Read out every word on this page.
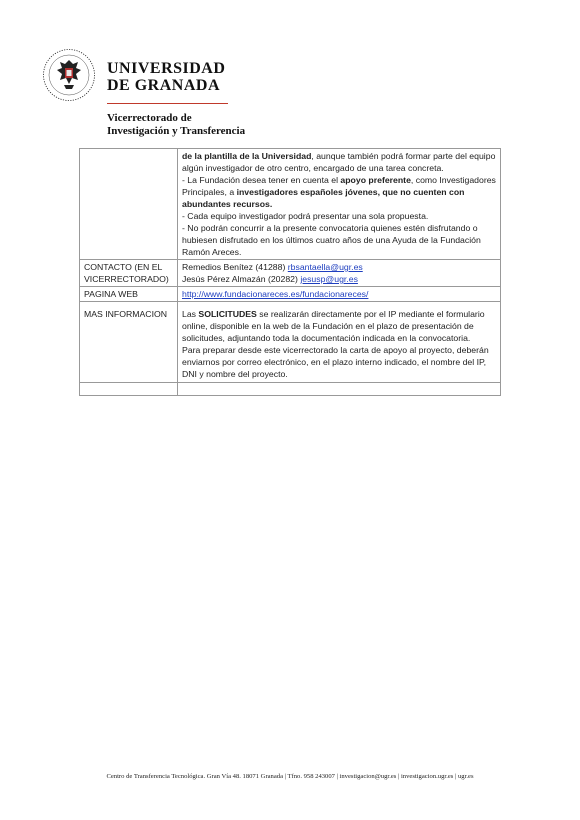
UNIVERSIDAD
DE GRANADA
Vicerrectorado de
Investigación y Transferencia

	de la plantilla de la Universidad, aunque también podrá formar parte del equipo algún investigador de otro centro, encargado de una tarea concreta.
- La Fundación desea tener en cuenta el apoyo preferente, como Investigadores Principales, a investigadores españoles jóvenes, que no cuenten con abundantes recursos.
- Cada equipo investigador podrá presentar una sola propuesta.
- No podrán concurrir a la presente convocatoria quienes estén disfrutando o hubiesen disfrutado en los últimos cuatro años de una Ayuda de la Fundación Ramón Areces.

CONTACTO (EN EL VICERRECTORADO)	Remedios Benítez (41288) rbsantaella@ugr.es
Jesús Pérez Almazán (20282) jesusp@ugr.es

PAGINA WEB	http://www.fundacionareces.es/fundacionareces/
MAS INFORMACION	Las SOLICITUDES se realizarán directamente por el IP mediante el formulario online, disponible en la web de la Fundación en el plazo de presentación de solicitudes, adjuntando toda la documentación indicada en la convocatoria.
Para preparar desde este vicerrectorado la carta de apoyo al proyecto, deberán enviarnos por correo electrónico, en el plazo interno indicado, el nombre del IP, DNI y nombre del proyecto.

Centro de Transferencia Tecnológica. Gran Vía 48. 18071 Granada | Tfno. 958 243007 | investigacion@ugr.es | investigacion.ugr.es | ugr.es
